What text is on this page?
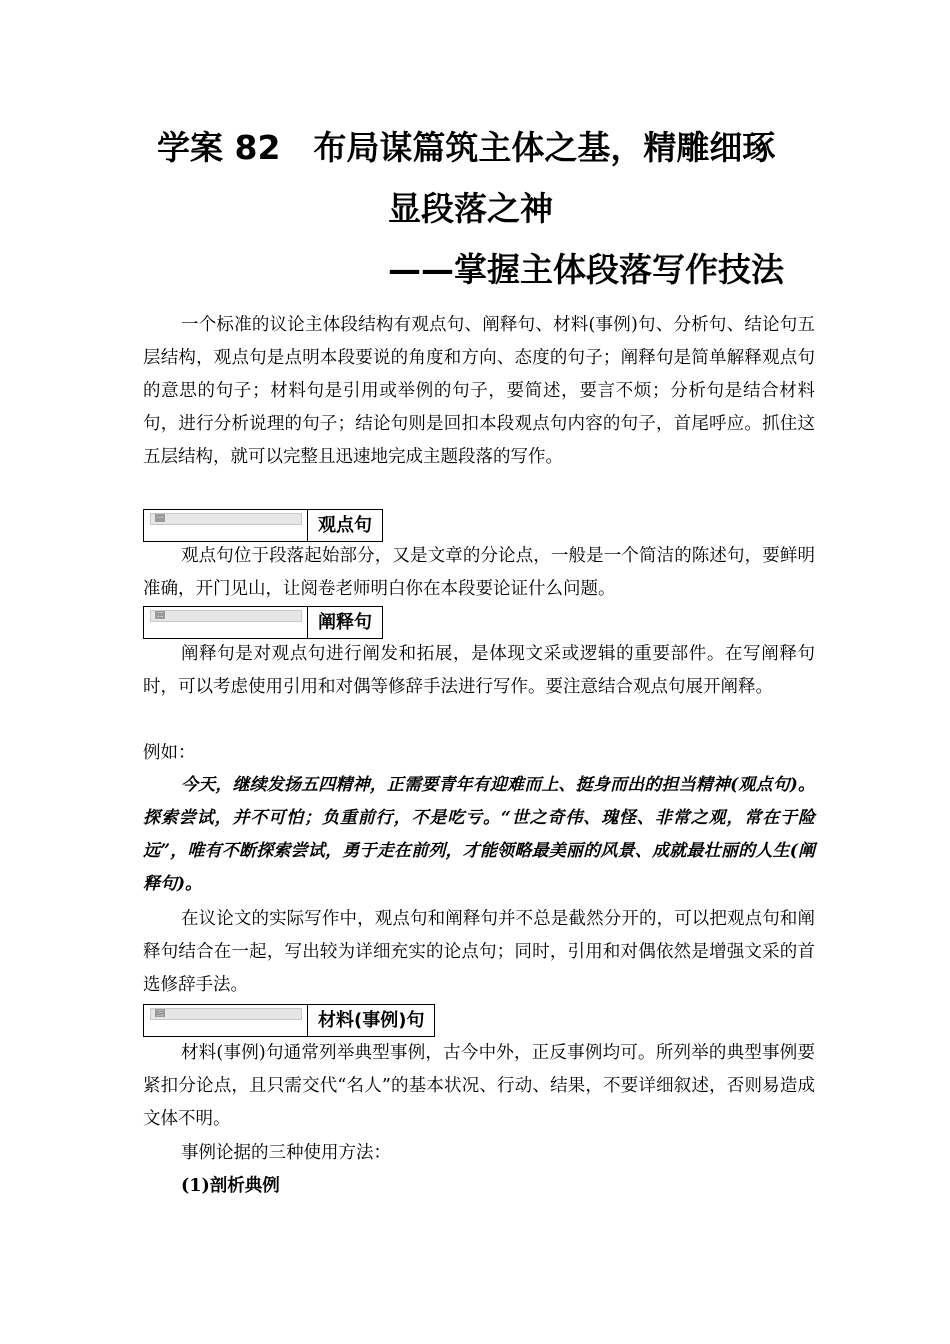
学案 82　布局谋篇筑主体之基，精雕细琢
显段落之神
——掌握主体段落写作技法
一个标准的议论主体段结构有观点句、阐释句、材料(事例)句、分析句、结论句五层结构，观点句是点明本段要说的角度和方向、态度的句子；阐释句是简单解释观点句的意思的句子；材料句是引用或举例的句子，要简述，要言不烦；分析句是结合材料句，进行分析说理的句子；结论句则是回扣本段观点句内容的句子，首尾呼应。抓住这五层结构，就可以完整且迅速地完成主题段落的写作。
一	观点句
观点句位于段落起始部分，又是文章的分论点，一般是一个简洁的陈述句，要鲜明准确，开门见山，让阅卷老师明白你在本段要论证什么问题。
二	阐释句
阐释句是对观点句进行阐发和拓展，是体现文采或逻辑的重要部件。在写阐释句时，可以考虑使用引用和对偶等修辞手法进行写作。要注意结合观点句展开阐释。
例如：
今天，继续发扬五四精神，正需要青年有迎难而上、挺身而出的担当精神(观点句)。探索尝试，并不可怕；负重前行，不是吃亏。“世之奇伟、瑰怪、非常之观，常在于险远”，唯有不断探索尝试，勇于走在前列，才能领略最美丽的风景、成就最壮丽的人生(阐释句)。
在议论文的实际写作中，观点句和阐释句并不总是截然分开的，可以把观点句和阐释句结合在一起，写出较为详细充实的论点句；同时，引用和对偶依然是增强文采的首选修辞手法。
三	材料(事例)句
材料(事例)句通常列举典型事例，古今中外，正反事例均可。所列举的典型事例要紧扣分论点，且只需交代“名人”的基本状况、行动、结果，不要详细叙述，否则易造成文体不明。
事例论据的三种使用方法：
(1)剖析典例
